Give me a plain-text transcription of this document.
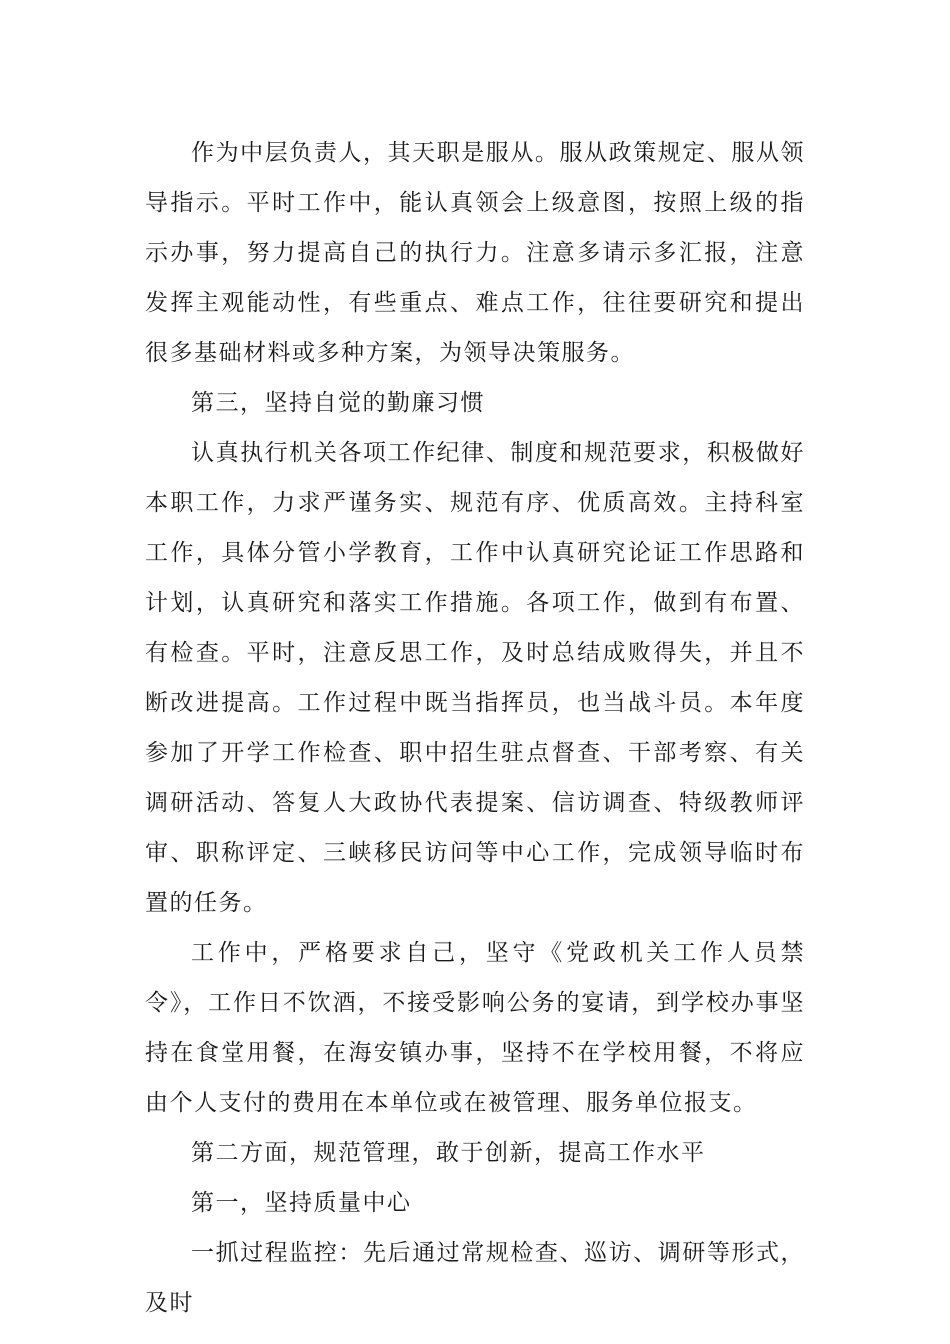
作为中层负责人，其天职是服从。服从政策规定、服从领导指示。平时工作中，能认真领会上级意图，按照上级的指示办事，努力提高自己的执行力。注意多请示多汇报，注意发挥主观能动性，有些重点、难点工作，往往要研究和提出很多基础材料或多种方案，为领导决策服务。

第三，坚持自觉的勤廉习惯

认真执行机关各项工作纪律、制度和规范要求，积极做好本职工作，力求严谨务实、规范有序、优质高效。主持科室工作，具体分管小学教育，工作中认真研究论证工作思路和计划，认真研究和落实工作措施。各项工作，做到有布置、有检查。平时，注意反思工作，及时总结成败得失，并且不断改进提高。工作过程中既当指挥员，也当战斗员。本年度参加了开学工作检查、职中招生驻点督查、干部考察、有关调研活动、答复人大政协代表提案、信访调查、特级教师评审、职称评定、三峡移民访问等中心工作，完成领导临时布置的任务。

工作中，严格要求自己，坚守《党政机关工作人员禁令》，工作日不饮酒，不接受影响公务的宴请，到学校办事坚持在食堂用餐，在海安镇办事，坚持不在学校用餐，不将应由个人支付的费用在本单位或在被管理、服务单位报支。

第二方面，规范管理，敢于创新，提高工作水平

第一，坚持质量中心

一抓过程监控：先后通过常规检查、巡访、调研等形式，及时
